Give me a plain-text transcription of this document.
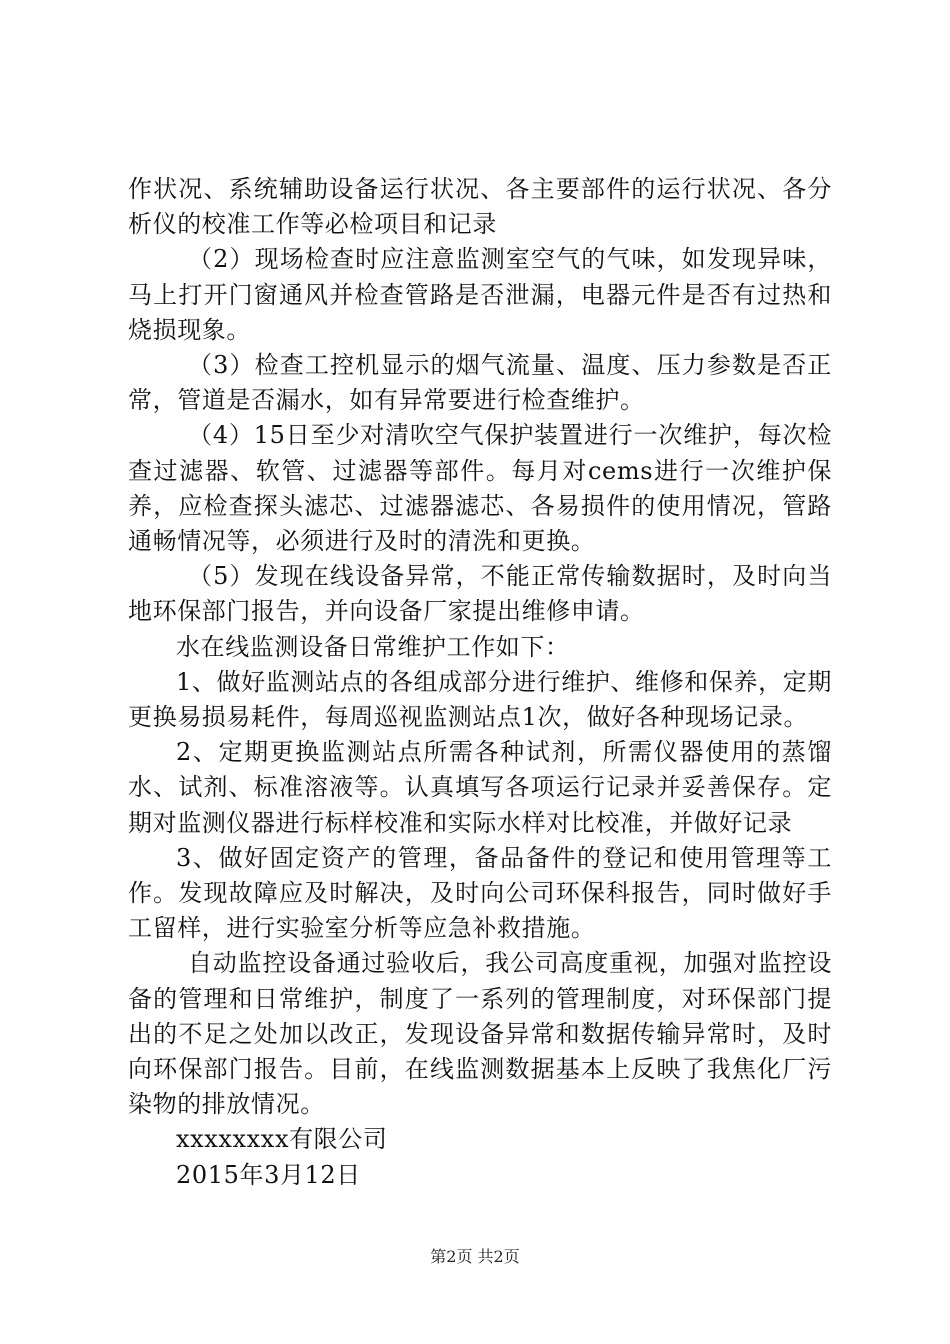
作状况、系统辅助设备运行状况、各主要部件的运行状况、各分析仪的校准工作等必检项目和记录

（2）现场检查时应注意监测室空气的气味，如发现异味，马上打开门窗通风并检查管路是否泄漏，电器元件是否有过热和烧损现象。

（3）检查工控机显示的烟气流量、温度、压力参数是否正常，管道是否漏水，如有异常要进行检查维护。

（4）15日至少对清吹空气保护装置进行一次维护，每次检查过滤器、软管、过滤器等部件。每月对cems进行一次维护保养，应检查探头滤芯、过滤器滤芯、各易损件的使用情况，管路通畅情况等，必须进行及时的清洗和更换。

（5）发现在线设备异常，不能正常传输数据时，及时向当地环保部门报告，并向设备厂家提出维修申请。

水在线监测设备日常维护工作如下：

1、做好监测站点的各组成部分进行维护、维修和保养，定期更换易损易耗件，每周巡视监测站点1次，做好各种现场记录。

2、定期更换监测站点所需各种试剂，所需仪器使用的蒸馏水、试剂、标准溶液等。认真填写各项运行记录并妥善保存。定期对监测仪器进行标样校准和实际水样对比校准，并做好记录

3、做好固定资产的管理，备品备件的登记和使用管理等工作。发现故障应及时解决，及时向公司环保科报告，同时做好手工留样，进行实验室分析等应急补救措施。

自动监控设备通过验收后，我公司高度重视，加强对监控设备的管理和日常维护，制度了一系列的管理制度，对环保部门提出的不足之处加以改正，发现设备异常和数据传输异常时，及时向环保部门报告。目前，在线监测数据基本上反映了我焦化厂污染物的排放情况。

xxxxxxxx有限公司

2015年3月12日

第2页 共2页
